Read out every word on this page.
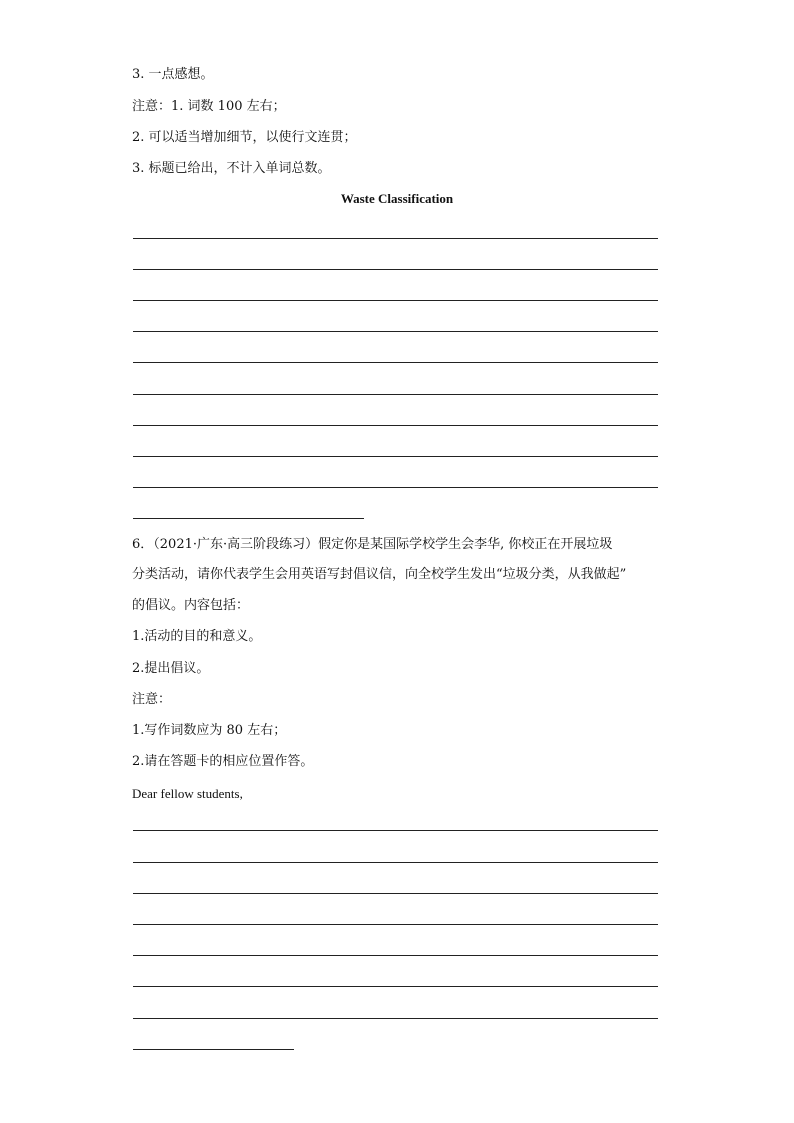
3. 一点感想。
注意：1. 词数 100 左右；
2. 可以适当增加细节，以使行文连贯；
3. 标题已给出，不计入单词总数。
Waste Classification
6．（2021·广东·高三阶段练习）假定你是某国际学校学生会李华, 你校正在开展垃圾
分类活动，请你代表学生会用英语写封倡议信，向全校学生发出“垃圾分类，从我做起”
的倡议。内容包括：
1.活动的目的和意义。
2.提出倡议。
注意：
1.写作词数应为 80 左右；
2.请在答题卡的相应位置作答。
Dear fellow students,
